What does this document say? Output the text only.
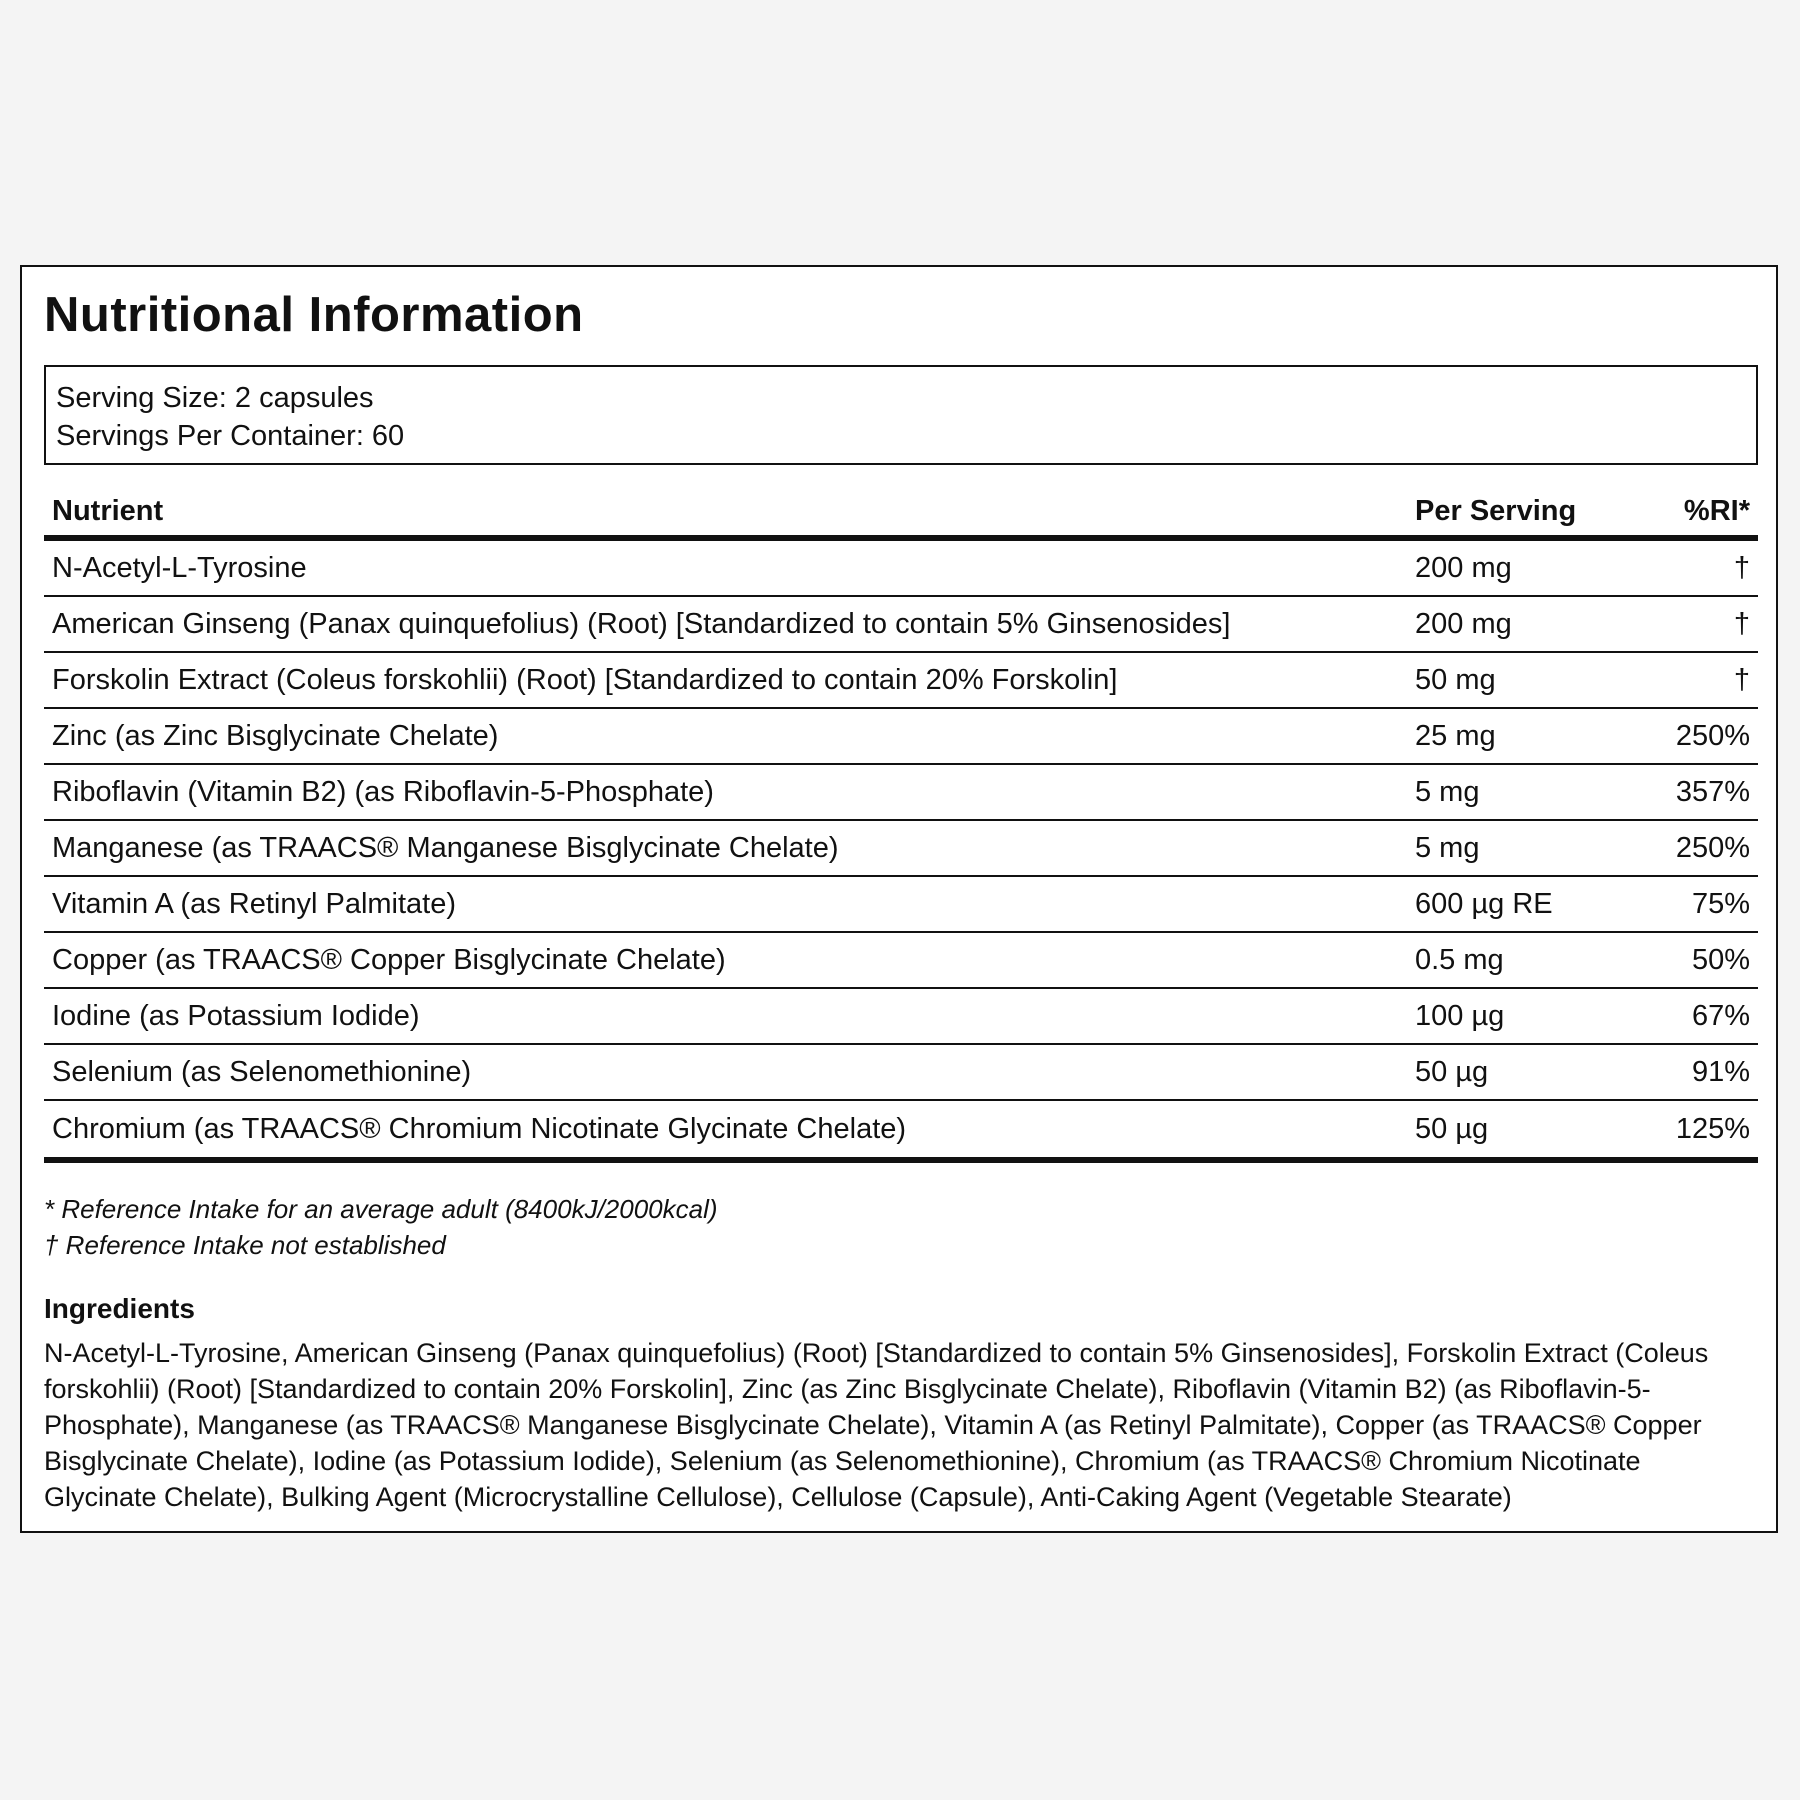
Nutritional Information
Serving Size: 2 capsules
Servings Per Container: 60
Nutrient	Per Serving	%RI*
N-Acetyl-L-Tyrosine	200 mg	†
American Ginseng (Panax quinquefolius) (Root) [Standardized to contain 5% Ginsenosides]	200 mg	†
Forskolin Extract (Coleus forskohlii) (Root) [Standardized to contain 20% Forskolin]	50 mg	†
Zinc (as Zinc Bisglycinate Chelate)	25 mg	250%
Riboflavin (Vitamin B2) (as Riboflavin-5-Phosphate)	5 mg	357%
Manganese (as TRAACS® Manganese Bisglycinate Chelate)	5 mg	250%
Vitamin A (as Retinyl Palmitate)	600 µg RE	75%
Copper (as TRAACS® Copper Bisglycinate Chelate)	0.5 mg	50%
Iodine (as Potassium Iodide)	100 µg	67%
Selenium (as Selenomethionine)	50 µg	91%
Chromium (as TRAACS® Chromium Nicotinate Glycinate Chelate)	50 µg	125%
* Reference Intake for an average adult (8400kJ/2000kcal)
† Reference Intake not established
Ingredients
N-Acetyl-L-Tyrosine, American Ginseng (Panax quinquefolius) (Root) [Standardized to contain 5% Ginsenosides], Forskolin Extract (Coleus forskohlii) (Root) [Standardized to contain 20% Forskolin], Zinc (as Zinc Bisglycinate Chelate), Riboflavin (Vitamin B2) (as Riboflavin-5-Phosphate), Manganese (as TRAACS® Manganese Bisglycinate Chelate), Vitamin A (as Retinyl Palmitate), Copper (as TRAACS® Copper Bisglycinate Chelate), Iodine (as Potassium Iodide), Selenium (as Selenomethionine), Chromium (as TRAACS® Chromium Nicotinate Glycinate Chelate), Bulking Agent (Microcrystalline Cellulose), Cellulose (Capsule), Anti-Caking Agent (Vegetable Stearate)
